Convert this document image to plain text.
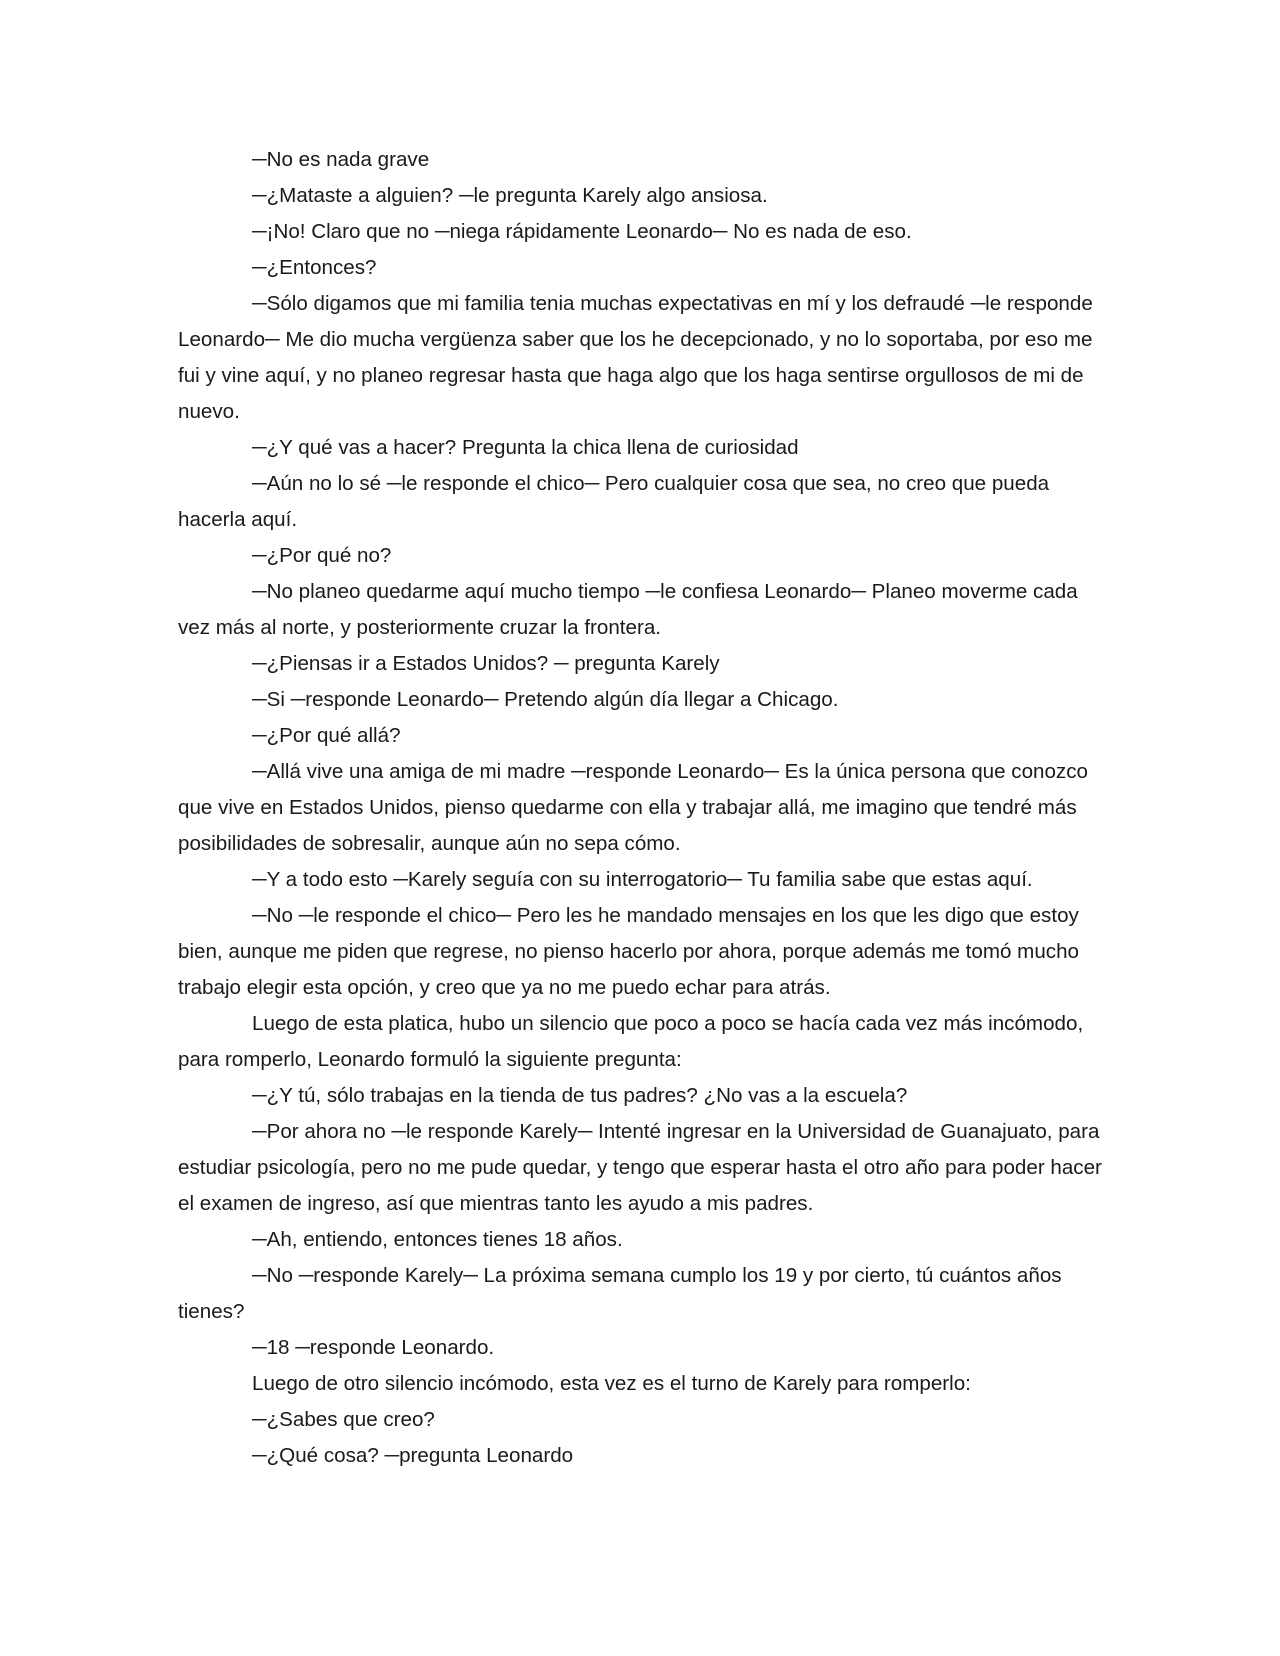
─No es nada grave

─¿Mataste a alguien? ─le pregunta Karely algo ansiosa.

─¡No! Claro que no ─niega rápidamente Leonardo─ No es nada de eso.

─¿Entonces?

─Sólo digamos que mi familia tenia muchas expectativas en mí y los defraudé ─le responde Leonardo─ Me dio mucha vergüenza saber que los he decepcionado, y no lo soportaba, por eso me fui y vine aquí, y no planeo regresar hasta que haga algo que los haga sentirse orgullosos de mi de nuevo.

─¿Y qué vas a hacer? Pregunta la chica llena de curiosidad

─Aún no lo sé ─le responde el chico─ Pero cualquier cosa que sea, no creo que pueda hacerla aquí.

─¿Por qué no?

─No planeo quedarme aquí mucho tiempo ─le confiesa Leonardo─ Planeo moverme cada vez más al norte, y posteriormente cruzar la frontera.

─¿Piensas ir a Estados Unidos? ─ pregunta Karely

─Si ─responde Leonardo─ Pretendo algún día llegar a Chicago.

─¿Por qué allá?

─Allá vive una amiga de mi madre ─responde Leonardo─ Es la única persona que conozco que vive en Estados Unidos, pienso quedarme con ella y trabajar allá, me imagino que tendré más posibilidades de sobresalir, aunque aún no sepa cómo.

─Y a todo esto ─Karely seguía con su interrogatorio─ Tu familia sabe que estas aquí.

─No ─le responde el chico─ Pero les he mandado mensajes en los que les digo que estoy bien, aunque me piden que regrese, no pienso hacerlo por ahora, porque además me tomó mucho trabajo elegir esta opción, y creo que ya no me puedo echar para atrás.

Luego de esta platica, hubo un silencio que poco a poco se hacía cada vez más incómodo, para romperlo, Leonardo formuló la siguiente pregunta:

─¿Y tú, sólo trabajas en la tienda de tus padres? ¿No vas a la escuela?

─Por ahora no ─le responde Karely─ Intenté ingresar en la Universidad de Guanajuato, para estudiar psicología, pero no me pude quedar, y tengo que esperar hasta el otro año para poder hacer el examen de ingreso, así que mientras tanto les ayudo a mis padres.

─Ah, entiendo, entonces tienes 18 años.

─No ─responde Karely─ La próxima semana cumplo los 19 y por cierto, tú cuántos años tienes?

─18 ─responde Leonardo.

Luego de otro silencio incómodo, esta vez es el turno de Karely para romperlo:

─¿Sabes que creo?

─¿Qué cosa? ─pregunta Leonardo
